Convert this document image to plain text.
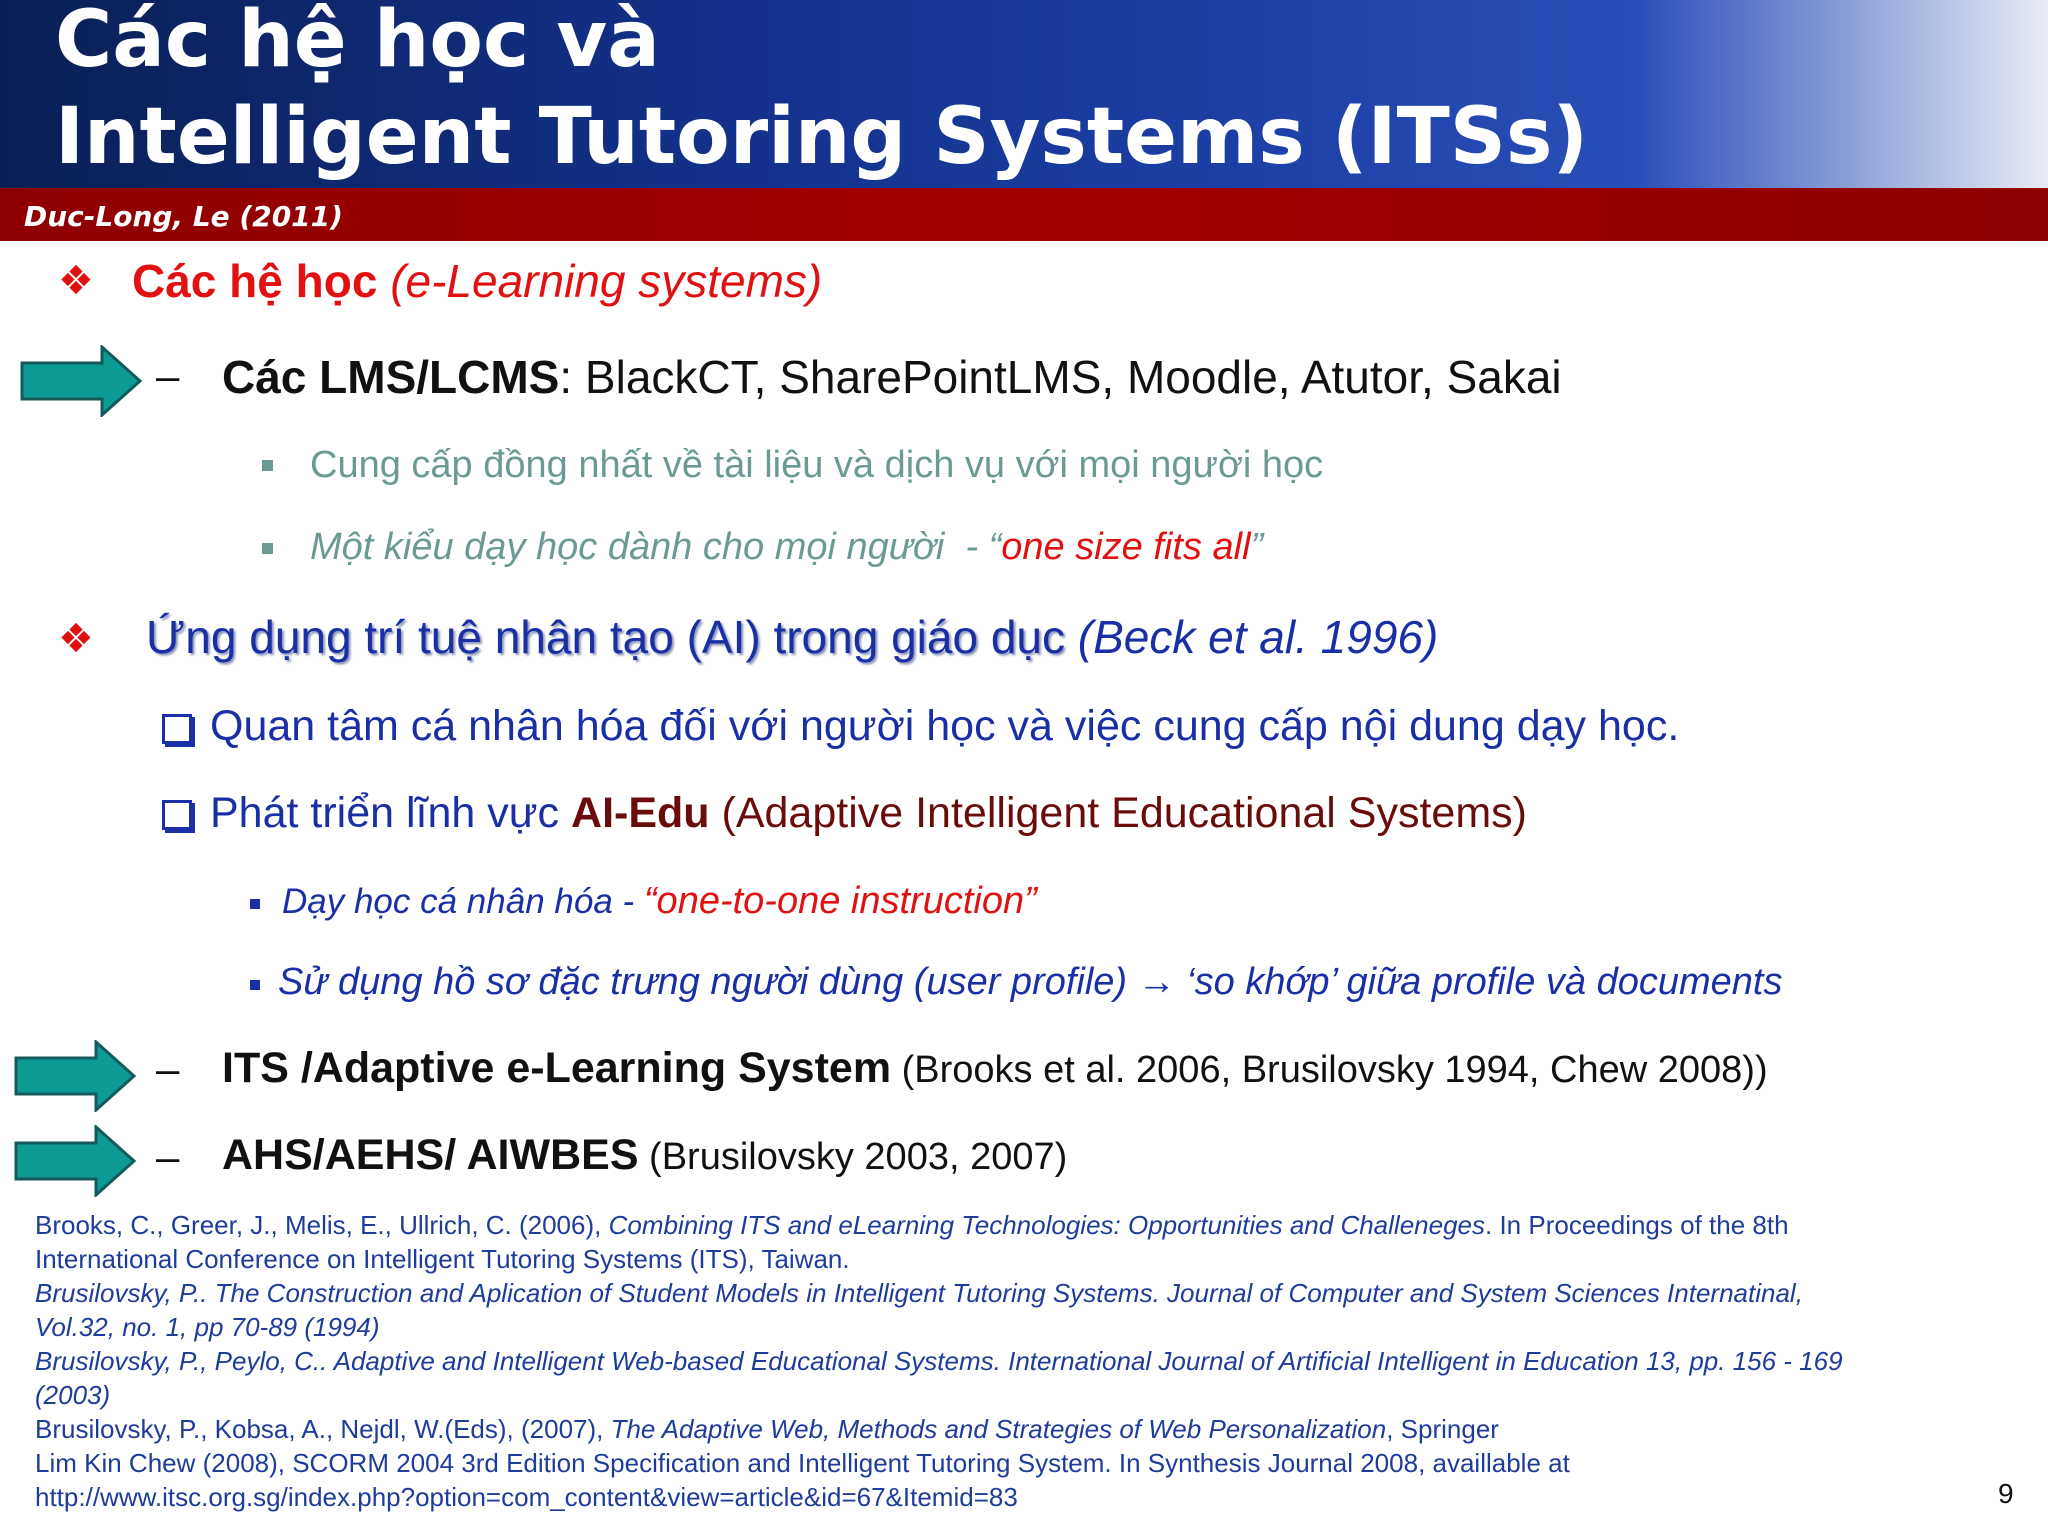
Các hệ học và
Intelligent Tutoring Systems (ITSs)
Duc-Long, Le (2011)
❖ Các hệ học (e-Learning systems)
– Các LMS/LCMS: BlackCT, SharePointLMS, Moodle, Atutor, Sakai
Cung cấp đồng nhất về tài liệu và dịch vụ với mọi người học
Một kiểu dạy học dành cho mọi người  - “one size fits all”
❖ Ứng dụng trí tuệ nhân tạo (AI) trong giáo dục (Beck et al. 1996)
Quan tâm cá nhân hóa đối với người học và việc cung cấp nội dung dạy học.
Phát triển lĩnh vực AI-Edu (Adaptive Intelligent Educational Systems)
Dạy học cá nhân hóa - “one-to-one instruction”
Sử dụng hồ sơ đặc trưng người dùng (user profile) → ‘so khớp’ giữa profile và documents
– ITS /Adaptive e-Learning System (Brooks et al. 2006, Brusilovsky 1994, Chew 2008))
– AHS/AEHS/ AIWBES (Brusilovsky 2003, 2007)
Brooks, C., Greer, J., Melis, E., Ullrich, C. (2006), Combining ITS and eLearning Technologies: Opportunities and Challeneges. In Proceedings of the 8th
International Conference on Intelligent Tutoring Systems (ITS), Taiwan.
Brusilovsky, P.. The Construction and Aplication of Student Models in Intelligent Tutoring Systems. Journal of Computer and System Sciences Internatinal,
Vol.32, no. 1, pp 70-89 (1994)
Brusilovsky, P., Peylo, C.. Adaptive and Intelligent Web-based Educational Systems. International Journal of Artificial Intelligent in Education 13, pp. 156 - 169
(2003)
Brusilovsky, P., Kobsa, A., Nejdl, W.(Eds), (2007), The Adaptive Web, Methods and Strategies of Web Personalization, Springer
Lim Kin Chew (2008), SCORM 2004 3rd Edition Specification and Intelligent Tutoring System. In Synthesis Journal 2008, availlable at
http://www.itsc.org.sg/index.php?option=com_content&view=article&id=67&Itemid=83	9
